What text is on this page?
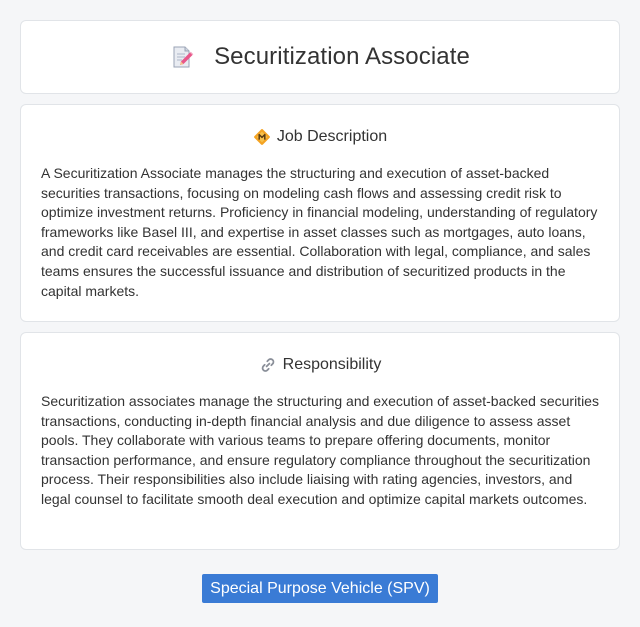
Securitization Associate
Job Description

A Securitization Associate manages the structuring and execution of asset-backed securities transactions, focusing on modeling cash flows and assessing credit risk to optimize investment returns. Proficiency in financial modeling, understanding of regulatory frameworks like Basel III, and expertise in asset classes such as mortgages, auto loans, and credit card receivables are essential. Collaboration with legal, compliance, and sales teams ensures the successful issuance and distribution of securitized products in the capital markets.

Responsibility

Securitization associates manage the structuring and execution of asset-backed securities transactions, conducting in-depth financial analysis and due diligence to assess asset pools. They collaborate with various teams to prepare offering documents, monitor transaction performance, and ensure regulatory compliance throughout the securitization process. Their responsibilities also include liaising with rating agencies, investors, and legal counsel to facilitate smooth deal execution and optimize capital markets outcomes.

Special Purpose Vehicle (SPV)
